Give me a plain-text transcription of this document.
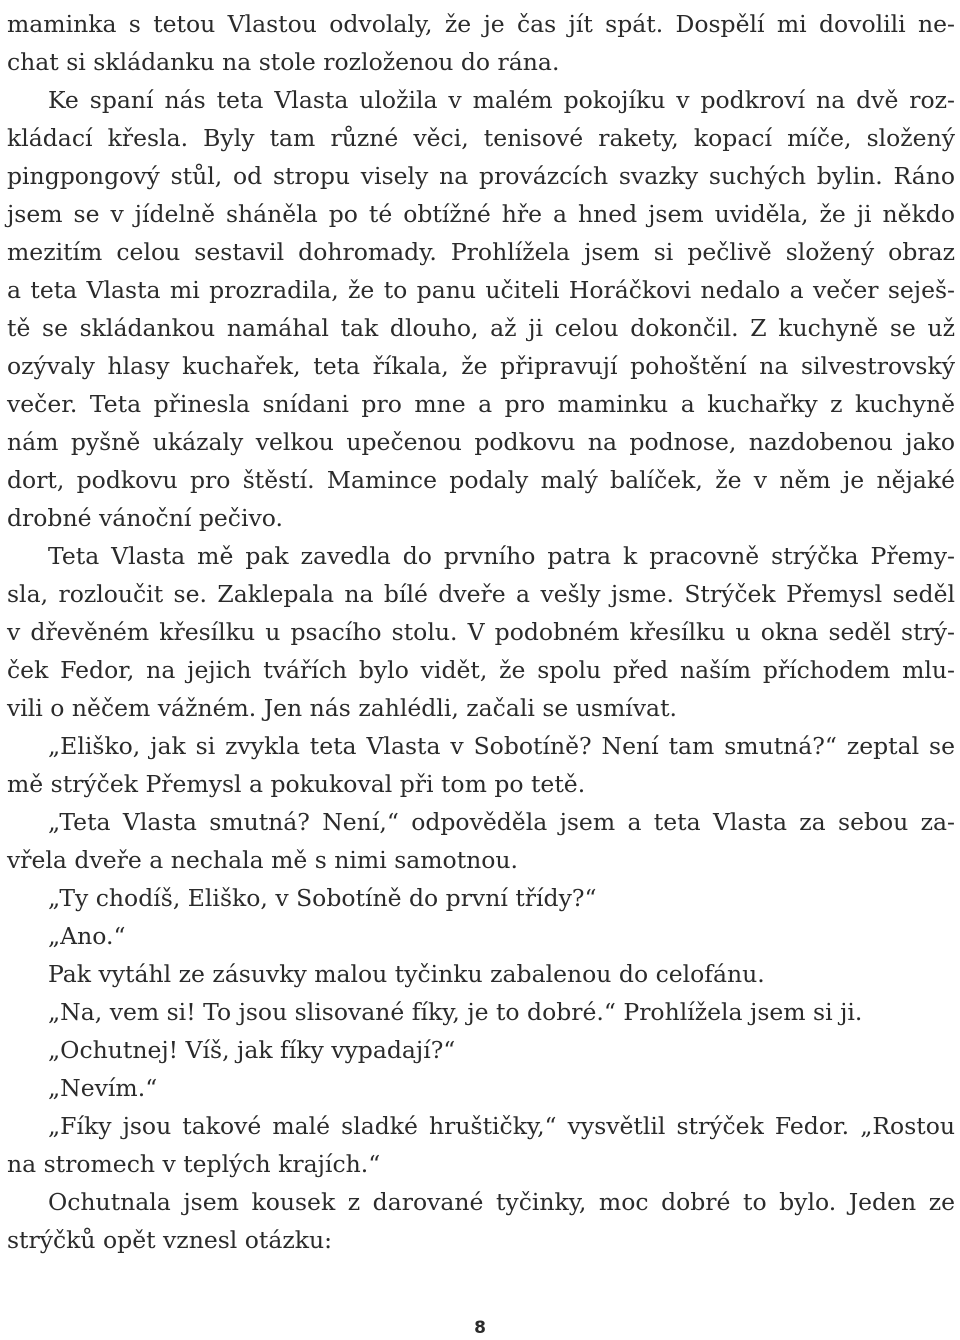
maminka s tetou Vlastou odvolaly, že je čas jít spát. Dospělí mi dovolili ne-
chat si skládanku na stole rozloženou do rána.
Ke spaní nás teta Vlasta uložila v malém pokojíku v podkroví na dvě roz-
kládací křesla. Byly tam různé věci, tenisové rakety, kopací míče, složený
pingpongový stůl, od stropu visely na provázcích svazky suchých bylin. Ráno
jsem se v jídelně sháněla po té obtížné hře a hned jsem uviděla, že ji někdo
mezitím celou sestavil dohromady. Prohlížela jsem si pečlivě složený obraz
a teta Vlasta mi prozradila, že to panu učiteli Horáčkovi nedalo a večer seješ-
tě se skládankou namáhal tak dlouho, až ji celou dokončil. Z kuchyně se už
ozývaly hlasy kuchařek, teta říkala, že připravují pohoštění na silvestrovský
večer. Teta přinesla snídani pro mne a pro maminku a kuchařky z kuchyně
nám pyšně ukázaly velkou upečenou podkovu na podnose, nazdobenou jako
dort, podkovu pro štěstí. Mamince podaly malý balíček, že v něm je nějaké
drobné vánoční pečivo.
Teta Vlasta mě pak zavedla do prvního patra k pracovně strýčka Přemy-
sla, rozloučit se. Zaklepala na bílé dveře a vešly jsme. Strýček Přemysl seděl
v dřevěném křesílku u psacího stolu. V podobném křesílku u okna seděl strý-
ček Fedor, na jejich tvářích bylo vidět, že spolu před naším příchodem mlu-
vili o něčem vážném. Jen nás zahlédli, začali se usmívat.
„Eliško, jak si zvykla teta Vlasta v Sobotíně? Není tam smutná?“ zeptal se
mě strýček Přemysl a pokukoval při tom po tetě.
„Teta Vlasta smutná? Není,“ odpověděla jsem a teta Vlasta za sebou za-
vřela dveře a nechala mě s nimi samotnou.
„Ty chodíš, Eliško, v Sobotíně do první třídy?“
„Ano.“
Pak vytáhl ze zásuvky malou tyčinku zabalenou do celofánu.
„Na, vem si! To jsou slisované fíky, je to dobré.“ Prohlížela jsem si ji.
„Ochutnej! Víš, jak fíky vypadají?“
„Nevím.“
„Fíky jsou takové malé sladké hruštičky,“ vysvětlil strýček Fedor. „Rostou
na stromech v teplých krajích.“
Ochutnala jsem kousek z darované tyčinky, moc dobré to bylo. Jeden ze
strýčků opět vznesl otázku:
8
